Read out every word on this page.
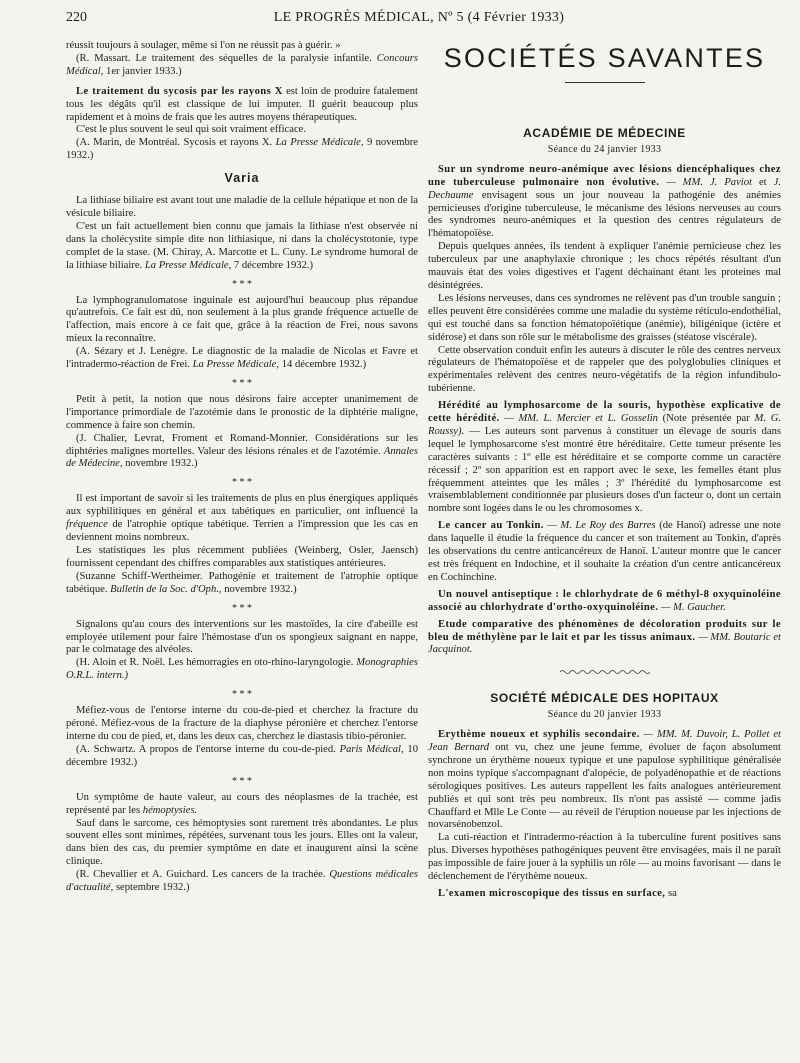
220	LE PROGRÈS MÉDICAL, Nº 5 (4 Février 1933)

réussit toujours à soulager, même si l'on ne réussit pas à guérir. »

(R. Massart. Le traitement des séquelles de la paralysie infantile. Concours Médical, 1er janvier 1933.)

Le traitement du sycosis par les rayons X est loin de produire fatalement tous les dégâts qu'il est classique de lui imputer. Il guérit beaucoup plus rapidement et à moins de frais que les autres moyens thérapeutiques.

C'est le plus souvent le seul qui soit vraiment efficace.

(A. Marin, de Montréal. Sycosis et rayons X. La Presse Médicale, 9 novembre 1932.)

Varia

La lithiase biliaire est avant tout une maladie de la cellule hépatique et non de la vésicule biliaire.

C'est un fait actuellement bien connu que jamais la lithiase n'est observée ni dans la cholécystite simple dite non lithiasique, ni dans la cholécystotonie, type complet de la stase. (M. Chiray, A. Marcotte et L. Cuny. Le syndrome humoral de la lithiase biliaire. La Presse Médicale, 7 décembre 1932.)

* * *

La lymphogranulomatose inguinale est aujourd'hui beaucoup plus répandue qu'autrefois. Ce fait est dû, non seulement à la plus grande fréquence actuelle de l'affection, mais encore à ce fait que, grâce à la réaction de Frei, nous savons mieux la reconnaître.

(A. Sézary et J. Lenègre. Le diagnostic de la maladie de Nicolas et Favre et l'intradermo-réaction de Frei. La Presse Médicale, 14 décembre 1932.)

* * *

Petit à petit, la notion que nous désirons faire accepter unanimement de l'importance primordiale de l'azotémie dans le pronostic de la diphtérie maligne, commence à faire son chemin.

(J. Chalier, Levrat, Froment et Romand-Monnier. Considérations sur les diphtéries malignes mortelles. Valeur des lésions rénales et de l'azotémie. Annales de Médecine, novembre 1932.)

* * *

Il est important de savoir si les traitements de plus en plus énergiques appliqués aux syphilitiques en général et aux tabétiques en particulier, ont influencé la fréquence de l'atrophie optique tabétique. Terrien a l'impression que les cas en deviennent moins nombreux.

Les statistiques les plus récemment publiées (Weinberg, Osler, Jaensch) fournissent cependant des chiffres comparables aux statistiques antérieures.

(Suzanne Schiff-Wertheimer. Pathogénie et traitement de l'atrophie optique tabétique. Bulletin de la Soc. d'Oph., novembre 1932.)

* * *

Signalons qu'au cours des interventions sur les mastoïdes, la cire d'abeille est employée utilement pour faire l'hémostase d'un os spongieux saignant en nappe, par le colmatage des alvéoles.

(H. Aloin et R. Noël. Les hémorragies en oto-rhino-laryngologie. Monographies O.R.L. intern.)

* * *

Méfiez-vous de l'entorse interne du cou-de-pied et cherchez la fracture du péroné. Méfiez-vous de la fracture de la diaphyse péronière et cherchez l'entorse interne du cou de pied, et, dans les deux cas, cherchez le diastasis tibio-péronier.

(A. Schwartz. A propos de l'entorse interne du cou-de-pied. Paris Médical, 10 décembre 1932.)

* * *

Un symptôme de haute valeur, au cours des néoplasmes de la trachée, est représenté par les hémoptysies.

Sauf dans le sarcome, ces hémoptysies sont rarement très abondantes. Le plus souvent elles sont minimes, répétées, survenant tous les jours. Elles ont la valeur, dans bien des cas, du premier symptôme en date et inaugurent ainsi la scène clinique.

(R. Chevallier et A. Guichard. Les cancers de la trachée. Questions médicales d'actualité, septembre 1932.)

SOCIÉTÉS SAVANTES
ACADÉMIE DE MÉDECINE
Séance du 24 janvier 1933

Sur un syndrome neuro-anémique avec lésions diencéphaliques chez une tuberculeuse pulmonaire non évolutive. — MM. J. Paviot et J. Dechaume envisagent sous un jour nouveau la pathogénie des anémies pernicieuses d'origine tuberculeuse, le mécanisme des lésions nerveuses au cours des syndromes neuro-anémiques et la question des centres régulateurs de l'hématopoïèse.

Depuis quelques années, ils tendent à expliquer l'anémie pernicieuse chez les tuberculeux par une anaphylaxie chronique ; les chocs répétés résultant d'un mauvais état des voies digestives et l'agent déchainant étant les proteines mal désintégrées.

Les lésions nerveuses, dans ces syndromes ne relèvent pas d'un trouble sanguin ; elles peuvent être considérées comme une maladie du système réticulo-endothélial, qui est touché dans sa fonction hématopoïétique (anémie), biligénique (ictère et sidérose) et dans son rôle sur le métabolisme des graisses (stéatose viscérale).

Cette observation conduit enfin les auteurs à discuter le rôle des centres nerveux régulateurs de l'hématopoïèse et de rappeler que des polyglobulies cliniques et expérimentales relèvent des centres neuro-végétatifs de la région infundibulo-tubérienne.

Hérédité au lymphosarcome de la souris, hypothèse explicative de cette hérédité. — MM. L. Mercier et L. Gosselin (Note présentée par M. G. Roussy). — Les auteurs sont parvenus à constituer un élevage de souris dans lequel le lymphosarcome s'est montré être héréditaire. Cette tumeur présente les caractères suivants : 1º elle est héréditaire et se comporte comme un caractère récessif ; 2º son apparition est en rapport avec le sexe, les femelles étant plus fréquemment atteintes que les mâles ; 3º l'hérédité du lymphosarcome est vraisemblablement conditionnée par plusieurs doses d'un facteur o, dont un certain nombre sont logées dans le ou les chromosomes x.

Le cancer au Tonkin. — M. Le Roy des Barres (de Hanoï) adresse une note dans laquelle il étudie la fréquence du cancer et son traitement au Tonkin, d'après les observations du centre anticancéreux de Hanoï. L'auteur montre que le cancer est très fréquent en Indochine, et il souhaite la création d'un centre anticancéreux en Cochinchine.

Un nouvel antiseptique : le chlorhydrate de 6 méthyl-8 oxyquinoléine associé au chlorhydrate d'ortho-oxyquinoléine. — M. Gaucher.

Etude comparative des phénomènes de décoloration produits sur le bleu de méthylène par le lait et par les tissus animaux. — MM. Boutaric et Jacquinot.

SOCIÉTÉ MÉDICALE DES HOPITAUX
Séance du 20 janvier 1933

Erythème noueux et syphilis secondaire. — MM. M. Duvoir, L. Pollet et Jean Bernard ont vu, chez une jeune femme, évoluer de façon absolument synchrone un érythème noueux typique et une papulose syphilitique généralisée non moins typique s'accompagnant d'alopécie, de polyadénopathie et de réactions sérologiques positives. Les auteurs rappellent les faits analogues antérieurement publiés et qui sont très peu nombreux. Ils n'ont pas assisté — comme jadis Chauffard et Mlle Le Conte — au réveil de l'éruption noueuse par les injections de novarsénobenzol.

La cuti-réaction et l'intradermo-réaction à la tuberculine furent positives sans plus. Diverses hypothèses pathogéniques peuvent être envisagées, mais il ne paraît pas impossible de faire jouer à la syphilis un rôle — au moins favorisant — dans le déclenchement de l'érythème noueux.

L'examen microscopique des tissus en surface, sa
